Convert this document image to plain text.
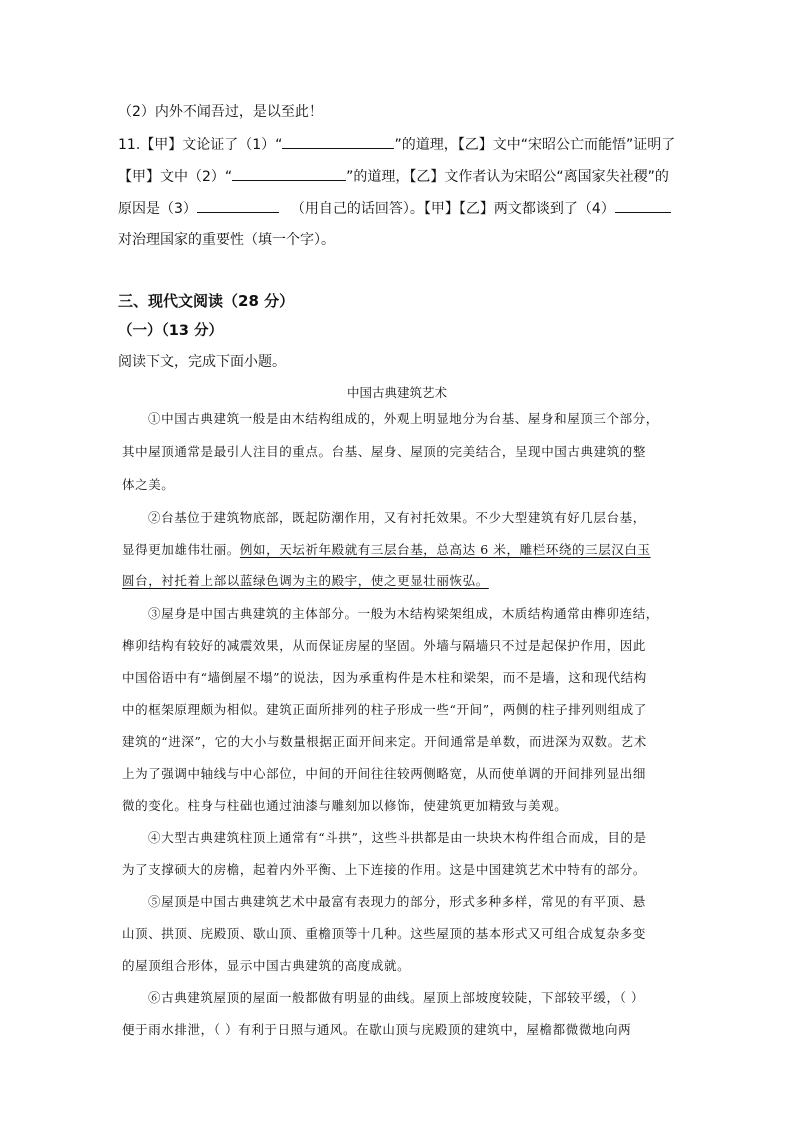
（2）内外不闻吾过，是以至此！
11.【甲】文论证了（1）“	”的道理，【乙】文中“宋昭公亡而能悟”证明了
【甲】文中（2）“	”的道理，【乙】文作者认为宋昭公“离国家失社稷”的
原因是（3）	（用自己的话回答）。【甲】【乙】两文都谈到了（4）
对治理国家的重要性（填一个字）。
三、现代文阅读（28 分）
（一）（13 分）
阅读下文，完成下面小题。
中国古典建筑艺术
①中国古典建筑一般是由木结构组成的，外观上明显地分为台基、屋身和屋顶三个部分，
其中屋顶通常是最引人注目的重点。台基、屋身、屋顶的完美结合，呈现中国古典建筑的整
体之美。
②台基位于建筑物底部，既起防潮作用，又有衬托效果。不少大型建筑有好几层台基，
显得更加雄伟壮丽。例如，天坛祈年殿就有三层台基，总高达 6 米，雕栏环绕的三层汉白玉
圆台，衬托着上部以蓝绿色调为主的殿宇，使之更显壮丽恢弘。
③屋身是中国古典建筑的主体部分。一般为木结构梁架组成，木质结构通常由榫卯连结，
榫卯结构有较好的减震效果，从而保证房屋的坚固。外墙与隔墙只不过是起保护作用，因此
中国俗语中有“墙倒屋不塌”的说法，因为承重构件是木柱和梁架，而不是墙，这和现代结构
中的框架原理颇为相似。建筑正面所排列的柱子形成一些“开间”，两侧的柱子排列则组成了
建筑的“进深”，它的大小与数量根据正面开间来定。开间通常是单数，而进深为双数。艺术
上为了强调中轴线与中心部位，中间的开间往往较两侧略宽，从而使单调的开间排列显出细
微的变化。柱身与柱础也通过油漆与雕刻加以修饰，使建筑更加精致与美观。
④大型古典建筑柱顶上通常有“斗拱”，这些斗拱都是由一块块木构件组合而成，目的是
为了支撑硕大的房檐，起着内外平衡、上下连接的作用。这是中国建筑艺术中特有的部分。
⑤屋顶是中国古典建筑艺术中最富有表现力的部分，形式多种多样，常见的有平顶、悬
山顶、拱顶、庑殿顶、歇山顶、重檐顶等十几种。这些屋顶的基本形式又可组合成复杂多变
的屋顶组合形体，显示中国古典建筑的高度成就。
⑥古典建筑屋顶的屋面一般都做有明显的曲线。屋顶上部坡度较陡，下部较平缓，（ ）
便于雨水排泄，（ ）有利于日照与通风。在歇山顶与庑殿顶的建筑中，屋檐都微微地向两
